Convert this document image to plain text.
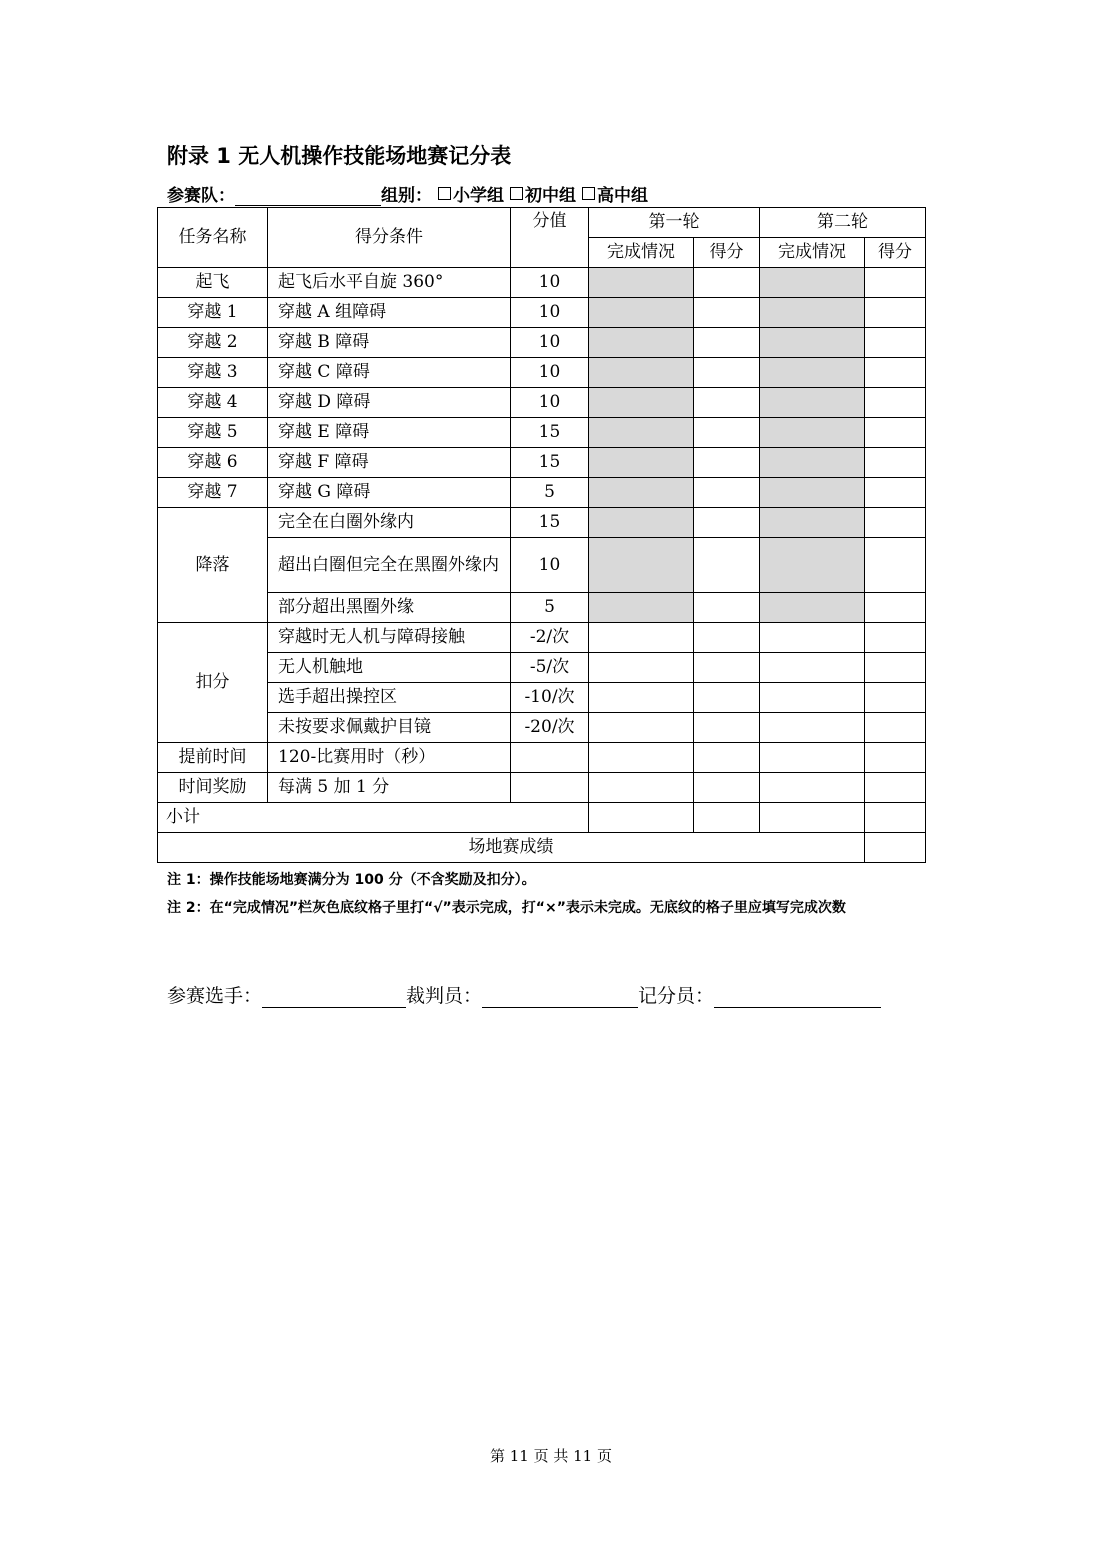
附录 1 无人机操作技能场地赛记分表
参赛队：	组别： 小学组 初中组 高中组
任务名称	得分条件	分值	第一轮		第二轮	
			完成情况	得分	完成情况	得分
起飞	起飞后水平自旋 360°	10				
穿越 1	穿越 A 组障碍	10				
穿越 2	穿越 B 障碍	10				
穿越 3	穿越 C 障碍	10				
穿越 4	穿越 D 障碍	10				
穿越 5	穿越 E 障碍	15				
穿越 6	穿越 F 障碍	15				
穿越 7	穿越 G 障碍	5				
降落	完全在白圈外缘内	15				
	超出白圈但完全在黑圈外缘内	10				
	部分超出黑圈外缘	5				
扣分	穿越时无人机与障碍接触	-2/次				
	无人机触地	-5/次				
	选手超出操控区	-10/次				
	未按要求佩戴护目镜	-20/次				
提前时间	120-比赛用时（秒）					
时间奖励	每满 5 加 1 分					
小计						
场地赛成绩						
注 1：操作技能场地赛满分为 100 分（不含奖励及扣分）。
注 2：在“完成情况”栏灰色底纹格子里打“√”表示完成，打“×”表示未完成。无底纹的格子里应填写完成次数
参赛选手：	裁判员：	记分员：
第 11 页 共 11 页
